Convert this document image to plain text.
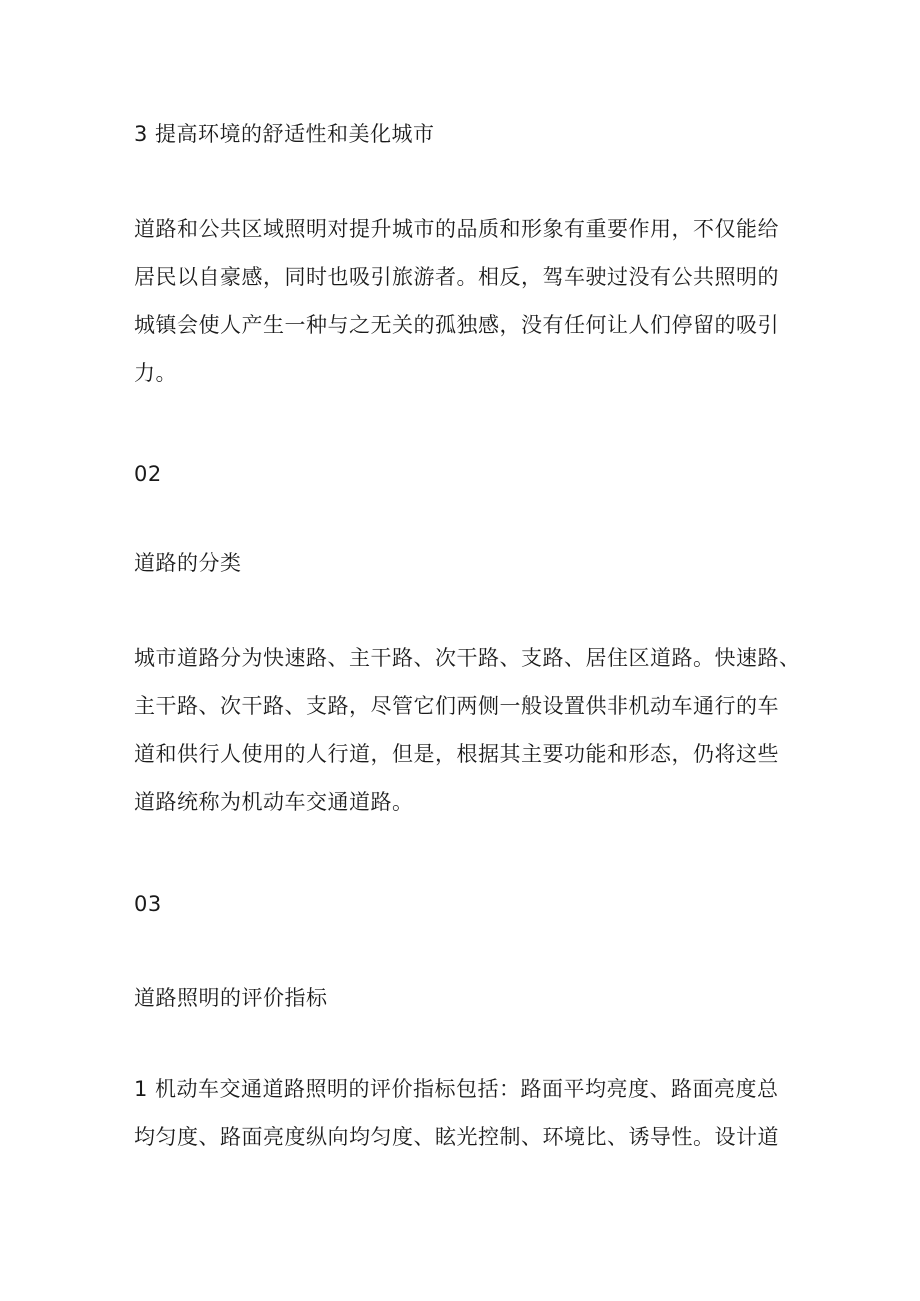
3 提高环境的舒适性和美化城市

道路和公共区域照明对提升城市的品质和形象有重要作用，不仅能给
居民以自豪感，同时也吸引旅游者。相反，驾车驶过没有公共照明的
城镇会使人产生一种与之无关的孤独感，没有任何让人们停留的吸引
力。

02

道路的分类

城市道路分为快速路、主干路、次干路、支路、居住区道路。快速路、
主干路、次干路、支路，尽管它们两侧一般设置供非机动车通行的车
道和供行人使用的人行道，但是，根据其主要功能和形态，仍将这些
道路统称为机动车交通道路。

03

道路照明的评价指标

1 机动车交通道路照明的评价指标包括：路面平均亮度、路面亮度总
均匀度、路面亮度纵向均匀度、眩光控制、环境比、诱导性。设计道
